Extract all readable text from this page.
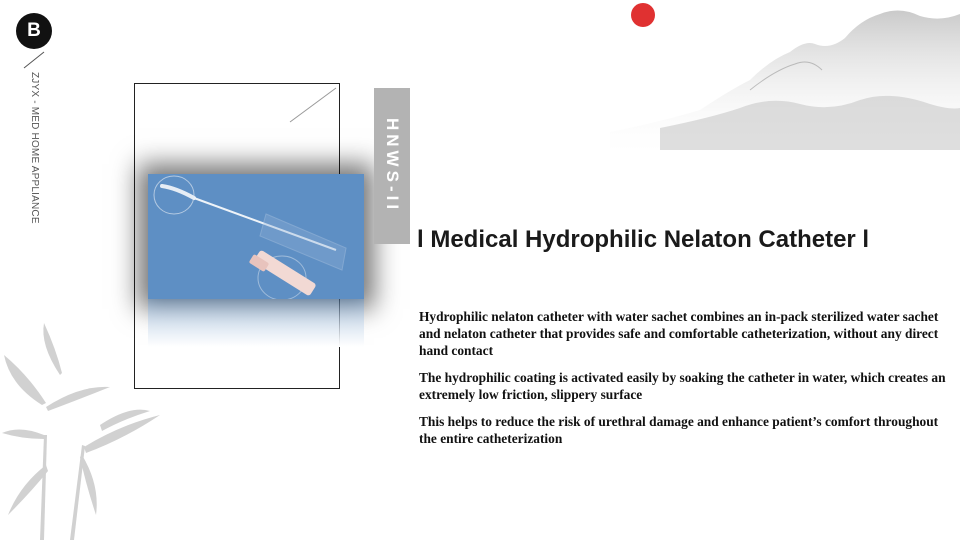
B
ZJYX - MED HOME APPLIANCE	HNWS-II
l Medical Hydrophilic Nelaton Catheter l

Hydrophilic nelaton catheter with water sachet combines an in-pack sterilized water sachet and nelaton catheter that provides safe and comfortable catheterization, without any direct hand contact

The hydrophilic coating is activated easily by soaking the catheter in water, which creates an extremely low friction, slippery surface

This helps to reduce the risk of urethral damage and enhance patient’s comfort throughout the entire catheterization
